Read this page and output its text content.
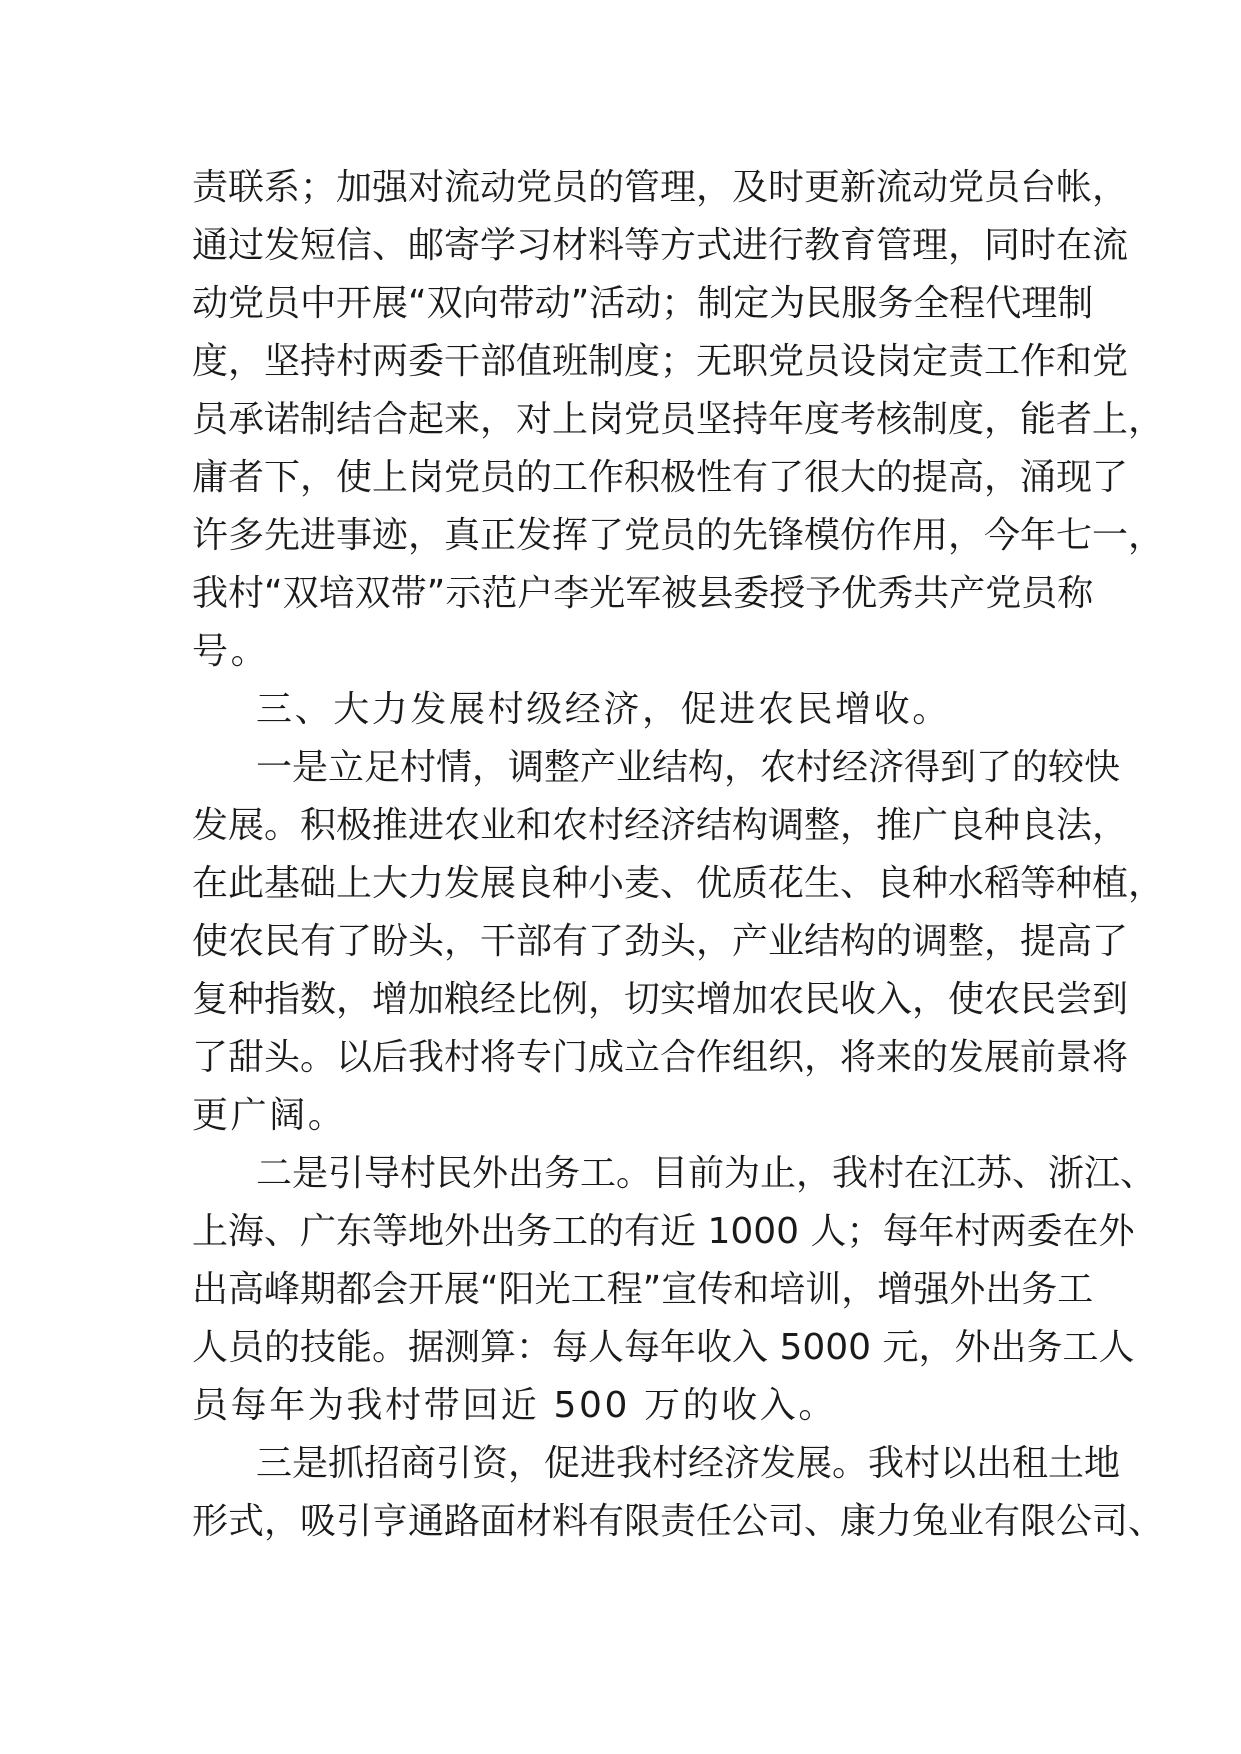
责联系；加强对流动党员的管理，及时更新流动党员台帐，
通过发短信、邮寄学习材料等方式进行教育管理，同时在流
动党员中开展“双向带动”活动；制定为民服务全程代理制
度，坚持村两委干部值班制度；无职党员设岗定责工作和党
员承诺制结合起来，对上岗党员坚持年度考核制度，能者上，
庸者下，使上岗党员的工作积极性有了很大的提高，涌现了
许多先进事迹，真正发挥了党员的先锋模仿作用，今年七一，
我村“双培双带”示范户李光军被县委授予优秀共产党员称
号。
三、大力发展村级经济，促进农民增收。
一是立足村情，调整产业结构，农村经济得到了的较快
发展。积极推进农业和农村经济结构调整，推广良种良法，
在此基础上大力发展良种小麦、优质花生、良种水稻等种植，
使农民有了盼头，干部有了劲头，产业结构的调整，提高了
复种指数，增加粮经比例，切实增加农民收入，使农民尝到
了甜头。以后我村将专门成立合作组织，将来的发展前景将
更广阔。
二是引导村民外出务工。目前为止，我村在江苏、浙江、
上海、广东等地外出务工的有近 1000 人；每年村两委在外
出高峰期都会开展“阳光工程”宣传和培训，增强外出务工
人员的技能。据测算：每人每年收入 5000 元，外出务工人
员每年为我村带回近 500 万的收入。
三是抓招商引资，促进我村经济发展。我村以出租土地
形式，吸引亨通路面材料有限责任公司、康力兔业有限公司、
